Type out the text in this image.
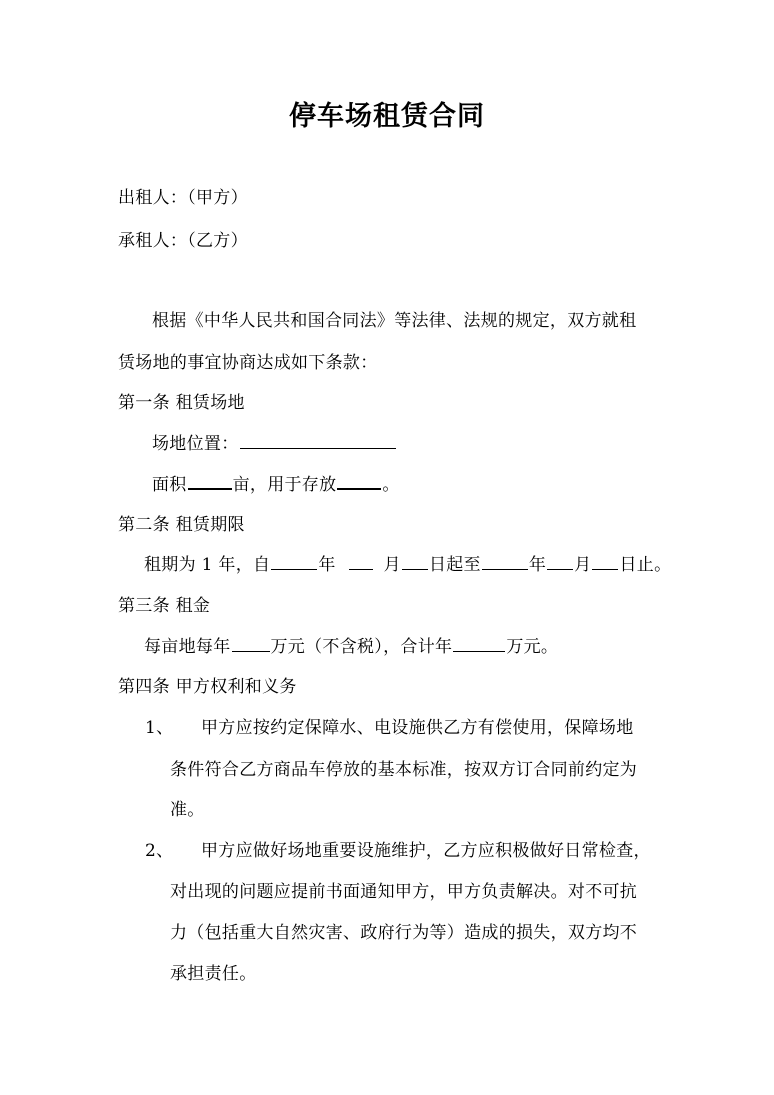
停车场租赁合同
出租人：（甲方）
承租人：（乙方）
根据《中华人民共和国合同法》等法律、法规的规定，双方就租
赁场地的事宜协商达成如下条款：
第一条 租赁场地
场地位置：
面积	亩，用于存放	。
第二条 租赁期限
租期为 1 年，自	年	月 日起至	年 月 日止。
第三条 租金
每亩地每年 万元（不含税），合计年	万元。
第四条 甲方权利和义务
1、 甲方应按约定保障水、电设施供乙方有偿使用，保障场地
条件符合乙方商品车停放的基本标准，按双方订合同前约定为
准。
2、 甲方应做好场地重要设施维护，乙方应积极做好日常检查，
对出现的问题应提前书面通知甲方，甲方负责解决。对不可抗
力（包括重大自然灾害、政府行为等）造成的损失，双方均不
承担责任。
